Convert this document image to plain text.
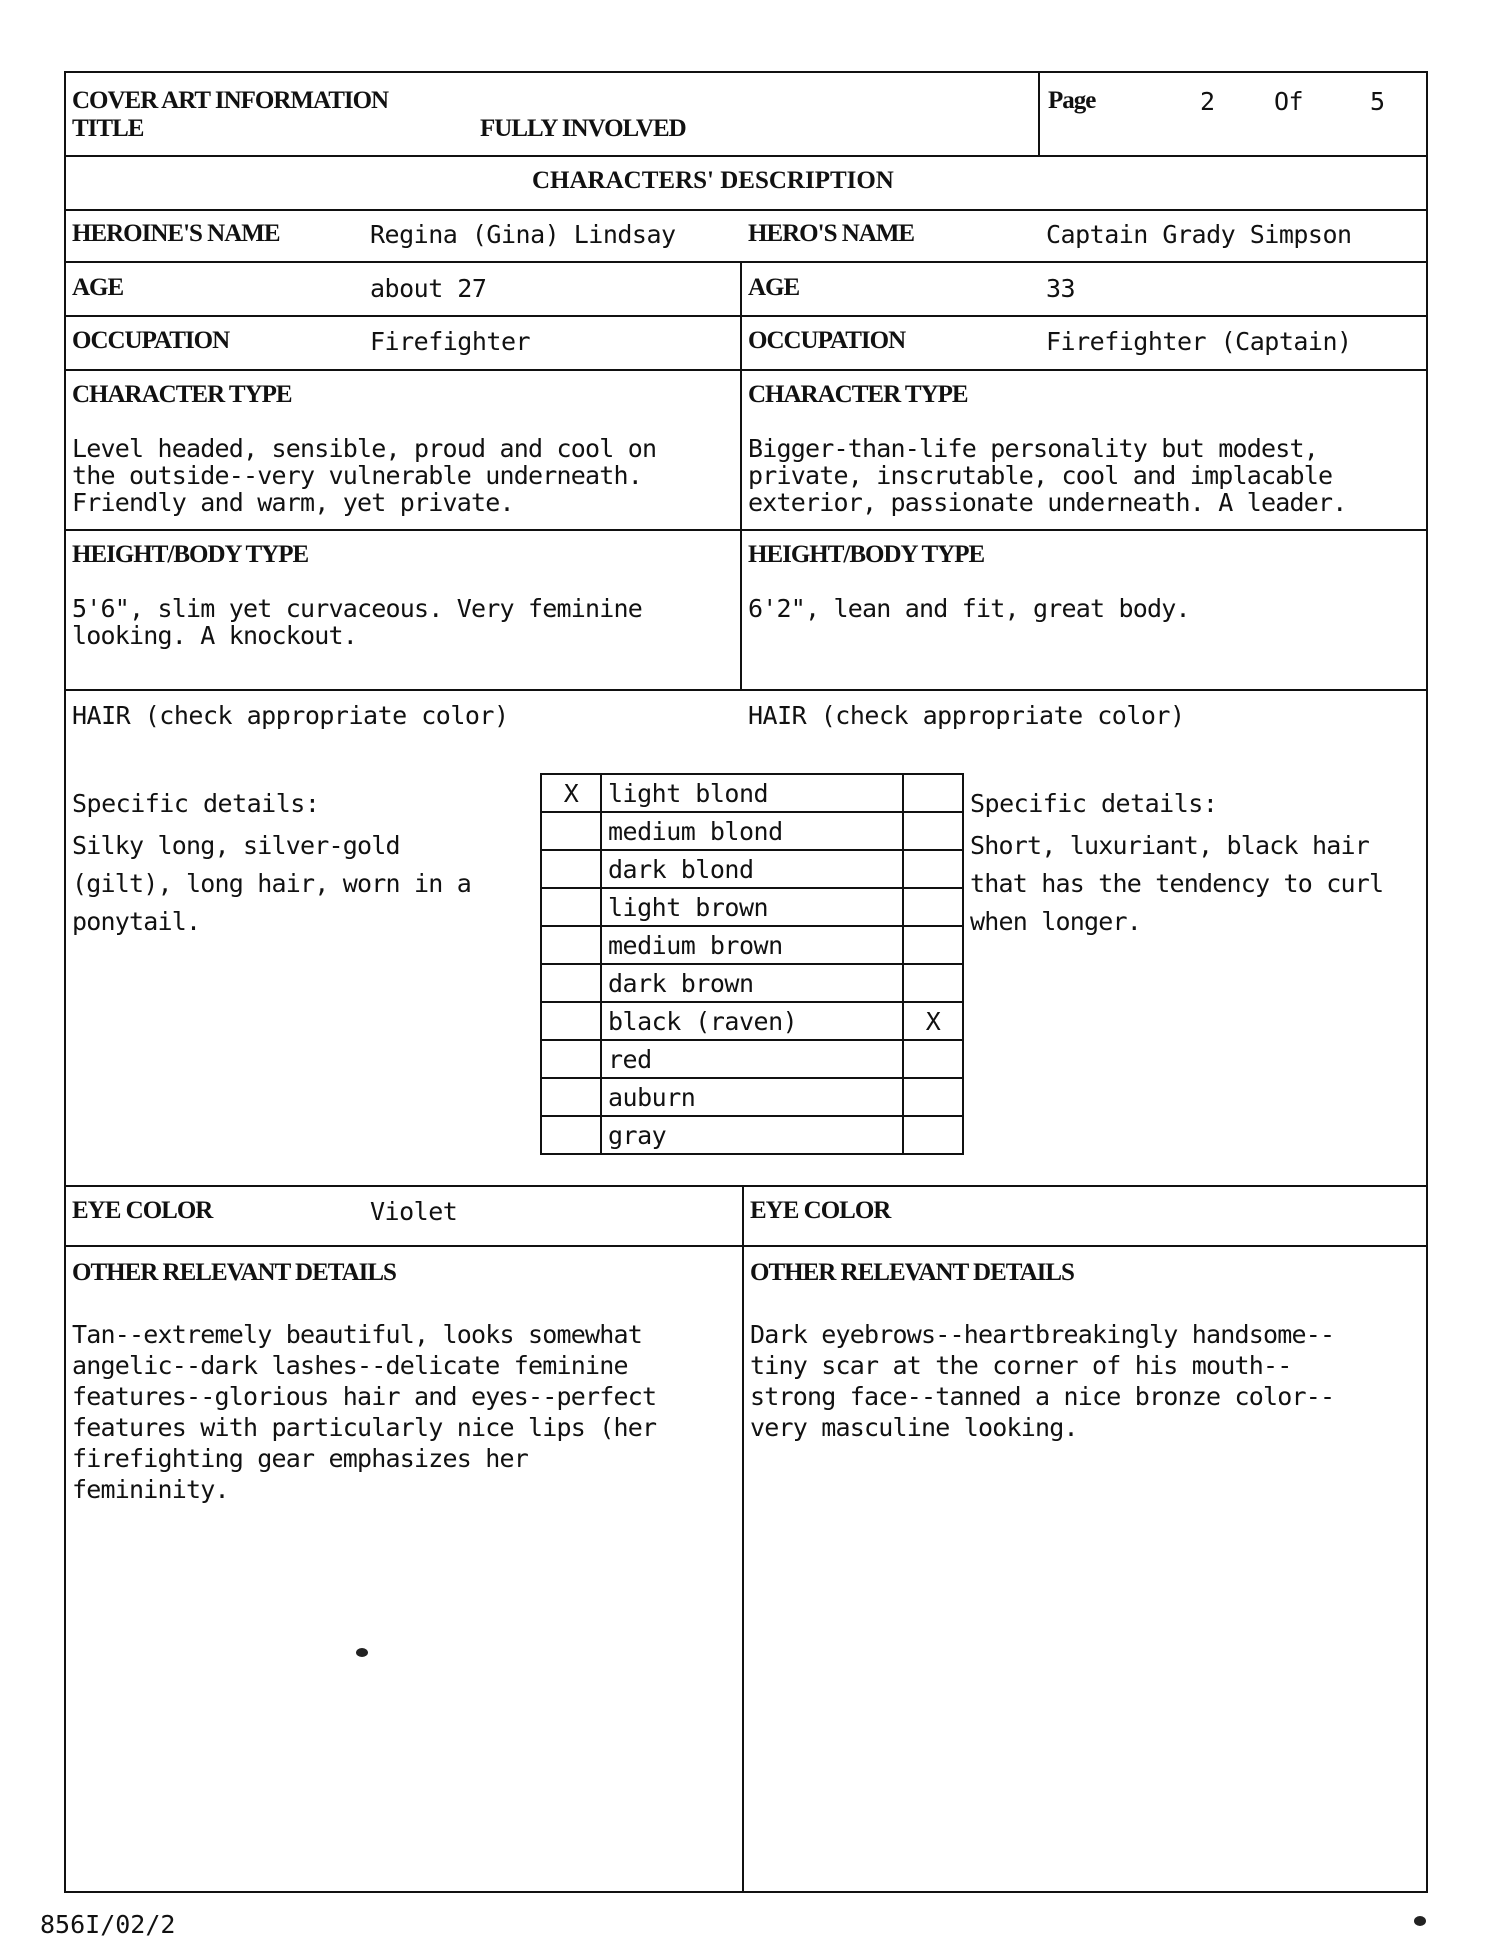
COVER ART INFORMATION
TITLE	FULLY INVOLVED
Page	2 Of	5
CHARACTERS' DESCRIPTION
HEROINE'S NAME	Regina (Gina) Lindsay	HERO'S NAME	Captain Grady Simpson
AGE	about 27	AGE	33
OCCUPATION	Firefighter	OCCUPATION	Firefighter (Captain)
CHARACTER TYPE
Level headed, sensible, proud and cool on
the outside--very vulnerable underneath.
Friendly and warm, yet private.
CHARACTER TYPE
Bigger-than-life personality but modest,
private, inscrutable, cool and implacable
exterior, passionate underneath. A leader.
HEIGHT/BODY TYPE
5'6", slim yet curvaceous. Very feminine
looking. A knockout.
HEIGHT/BODY TYPE
6'2", lean and fit, great body.
HAIR (check appropriate color)	HAIR (check appropriate color)
Specific details:
Silky long, silver-gold
(gilt), long hair, worn in a
ponytail.
Specific details:
Short, luxuriant, black hair
that has the tendency to curl
when longer.
X	light blond	
	medium blond	
	dark blond	
	light brown	
	medium brown	
	dark brown	
	black (raven)	X
	red	
	auburn	
	gray	
EYE COLOR	Violet	EYE COLOR
OTHER RELEVANT DETAILS
Tan--extremely beautiful, looks somewhat
angelic--dark lashes--delicate feminine
features--glorious hair and eyes--perfect
features with particularly nice lips (her
firefighting gear emphasizes her
femininity.
OTHER RELEVANT DETAILS
Dark eyebrows--heartbreakingly handsome--
tiny scar at the corner of his mouth--
strong face--tanned a nice bronze color--
very masculine looking.
856I/02/2
